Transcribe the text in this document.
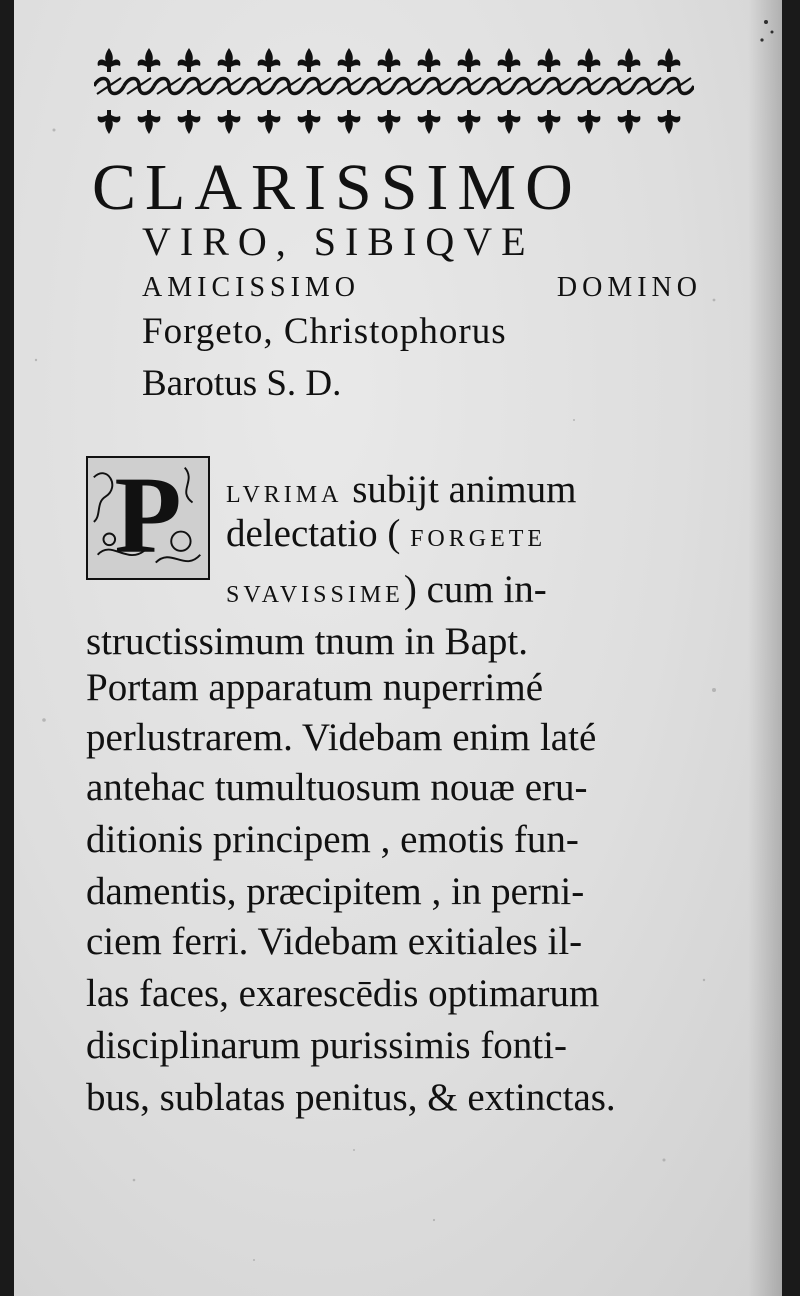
CLARISSIMO
VIRO, SIBIQVE
AMICISSIMO	DOMINO
Forgeto, Christophorus
Barotus S. D.
P	LVRIMA subijt animum
delectatio ( FORGETE
SVAVISSIME) cum in-
structissimum tnum in Bapt.
Portam apparatum nuperrimé
perlustrarem. Videbam enim laté
antehac tumultuosum nouæ eru-
ditionis principem , emotis fun-
damentis, præcipitem , in perni-
ciem ferri. Videbam exitiales il-
las faces, exarescēdis optimarum
disciplinarum purissimis fonti-
bus, sublatas penitus, & extinctas.
